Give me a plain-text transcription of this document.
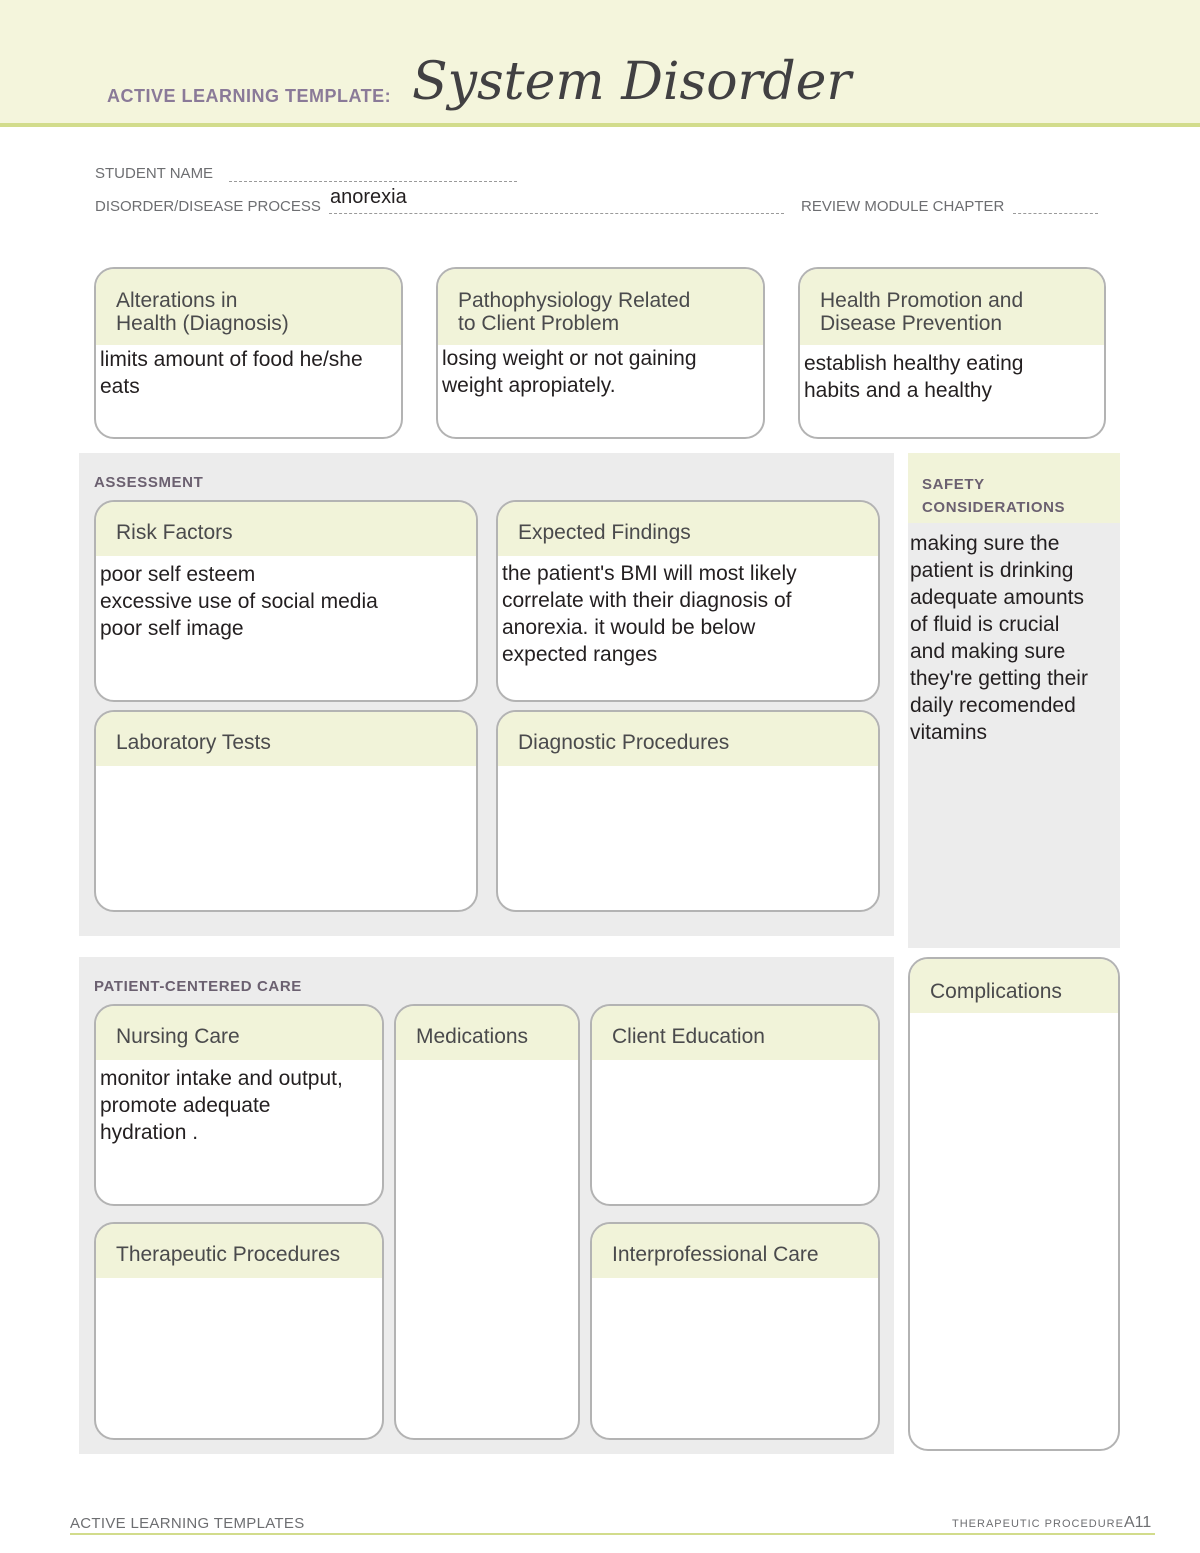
ACTIVE LEARNING TEMPLATE: System Disorder
STUDENT NAME
DISORDER/DISEASE PROCESS anorexia	REVIEW MODULE CHAPTER
Alterations in
Health (Diagnosis)
limits amount of food he/she
eats
Pathophysiology Related
to Client Problem
losing weight or not gaining
weight apropiately.
Health Promotion and
Disease Prevention
establish healthy eating
habits and a healthy
ASSESSMENT
Risk Factors
poor self esteem
excessive use of social media
poor self image
Expected Findings
the patient's BMI will most likely
correlate with their diagnosis of
anorexia. it would be below
expected ranges
Laboratory Tests	Diagnostic Procedures
SAFETY
CONSIDERATIONS
making sure the
patient is drinking
adequate amounts
of fluid is crucial
and making sure
they're getting their
daily recomended
vitamins
PATIENT-CENTERED CARE
Nursing Care
monitor intake and output,
promote adequate
hydration .
Medications	Client Education
Therapeutic Procedures	Interprofessional Care
Complications
ACTIVE LEARNING TEMPLATES	THERAPEUTIC PROCEDURE A11
